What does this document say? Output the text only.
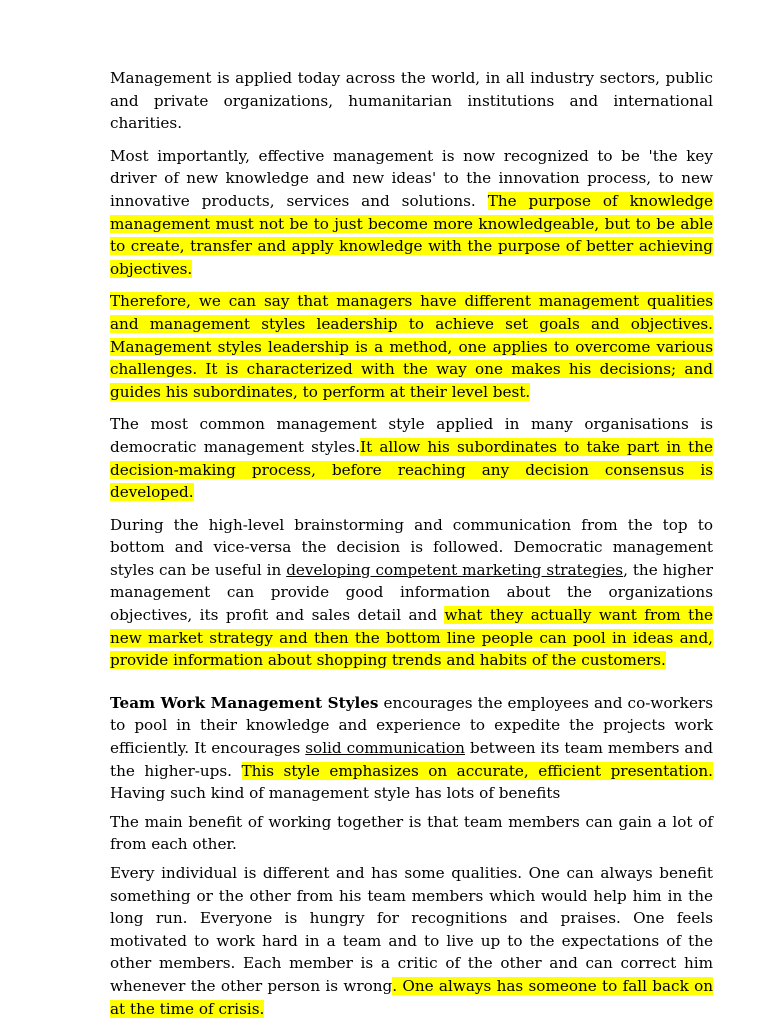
Management is applied today across the world, in all industry sectors, public and private organizations, humanitarian institutions and international charities.

Most importantly, effective management is now recognized to be 'the key driver of new knowledge and new ideas' to the innovation process, to new innovative products, services and solutions. The purpose of knowledge management must not be to just become more knowledgeable, but to be able to create, transfer and apply knowledge with the purpose of better achieving objectives.

Therefore, we can say that managers have different management qualities and management styles leadership to achieve set goals and objectives. Management styles leadership is a method, one applies to overcome various challenges. It is characterized with the way one makes his decisions; and guides his subordinates, to perform at their level best.

The most common management style applied in many organisations is democratic management styles.It allow his subordinates to take part in the decision-making process, before reaching any decision consensus is developed.

During the high-level brainstorming and communication from the top to bottom and vice-versa the decision is followed. Democratic management styles can be useful in developing competent marketing strategies, the higher management can provide good information about the organizations objectives, its profit and sales detail and what they actually want from the new market strategy and then the bottom line people can pool in ideas and, provide information about shopping trends and habits of the customers.

Team Work Management Styles encourages the employees and co-workers to pool in their knowledge and experience to expedite the projects work efficiently. It encourages solid communication between its team members and the higher-ups. This style emphasizes on accurate, efficient presentation. Having such kind of management style has lots of benefits

The main benefit of working together is that team members can gain a lot of from each other.

Every individual is different and has some qualities. One can always benefit something or the other from his team members which would help him in the long run. Everyone is hungry for recognitions and praises. One feels motivated to work hard in a team and to live up to the expectations of the other members. Each member is a critic of the other and can correct him whenever the other person is wrong. One always has someone to fall back on at the time of crisis.
